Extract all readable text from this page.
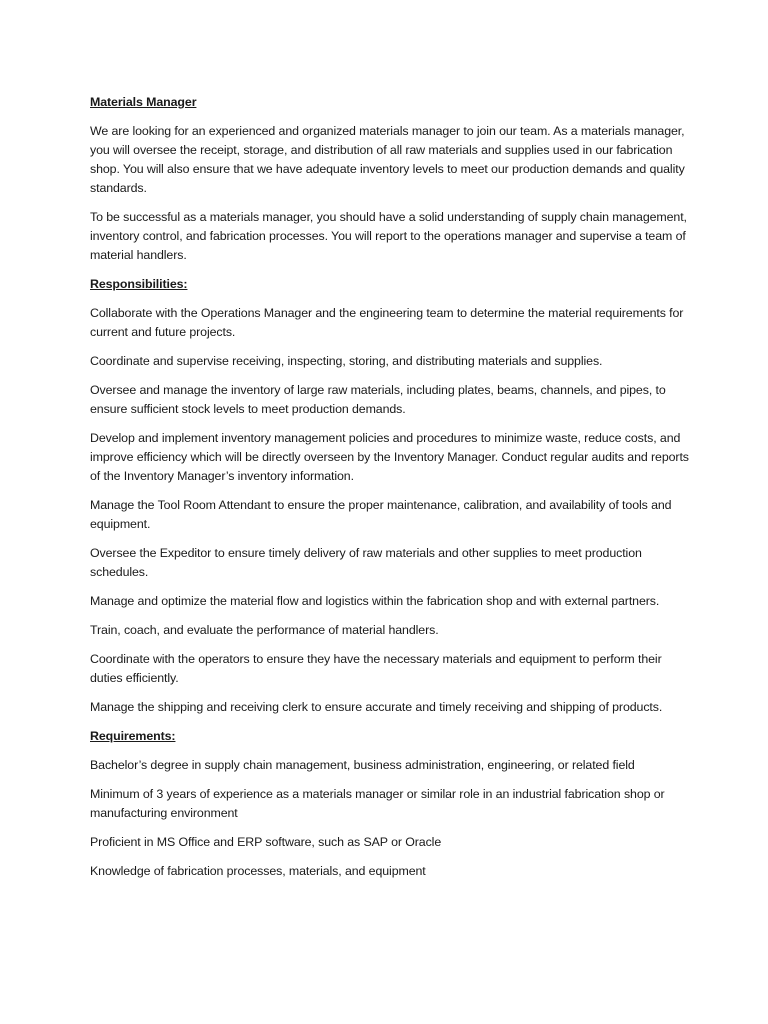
Materials Manager
We are looking for an experienced and organized materials manager to join our team. As a materials manager, you will oversee the receipt, storage, and distribution of all raw materials and supplies used in our fabrication shop. You will also ensure that we have adequate inventory levels to meet our production demands and quality standards.
To be successful as a materials manager, you should have a solid understanding of supply chain management, inventory control, and fabrication processes. You will report to the operations manager and supervise a team of material handlers.
Responsibilities:
Collaborate with the Operations Manager and the engineering team to determine the material requirements for current and future projects.
Coordinate and supervise receiving, inspecting, storing, and distributing materials and supplies.
Oversee and manage the inventory of large raw materials, including plates, beams, channels, and pipes, to ensure sufficient stock levels to meet production demands.
Develop and implement inventory management policies and procedures to minimize waste, reduce costs, and improve efficiency which will be directly overseen by the Inventory Manager. Conduct regular audits and reports of the Inventory Manager’s inventory information.
Manage the Tool Room Attendant to ensure the proper maintenance, calibration, and availability of tools and equipment.
Oversee the Expeditor to ensure timely delivery of raw materials and other supplies to meet production schedules.
Manage and optimize the material flow and logistics within the fabrication shop and with external partners.
Train, coach, and evaluate the performance of material handlers.
Coordinate with the operators to ensure they have the necessary materials and equipment to perform their duties efficiently.
Manage the shipping and receiving clerk to ensure accurate and timely receiving and shipping of products.
Requirements:
Bachelor’s degree in supply chain management, business administration, engineering, or related field
Minimum of 3 years of experience as a materials manager or similar role in an industrial fabrication shop or manufacturing environment
Proficient in MS Office and ERP software, such as SAP or Oracle
Knowledge of fabrication processes, materials, and equipment
